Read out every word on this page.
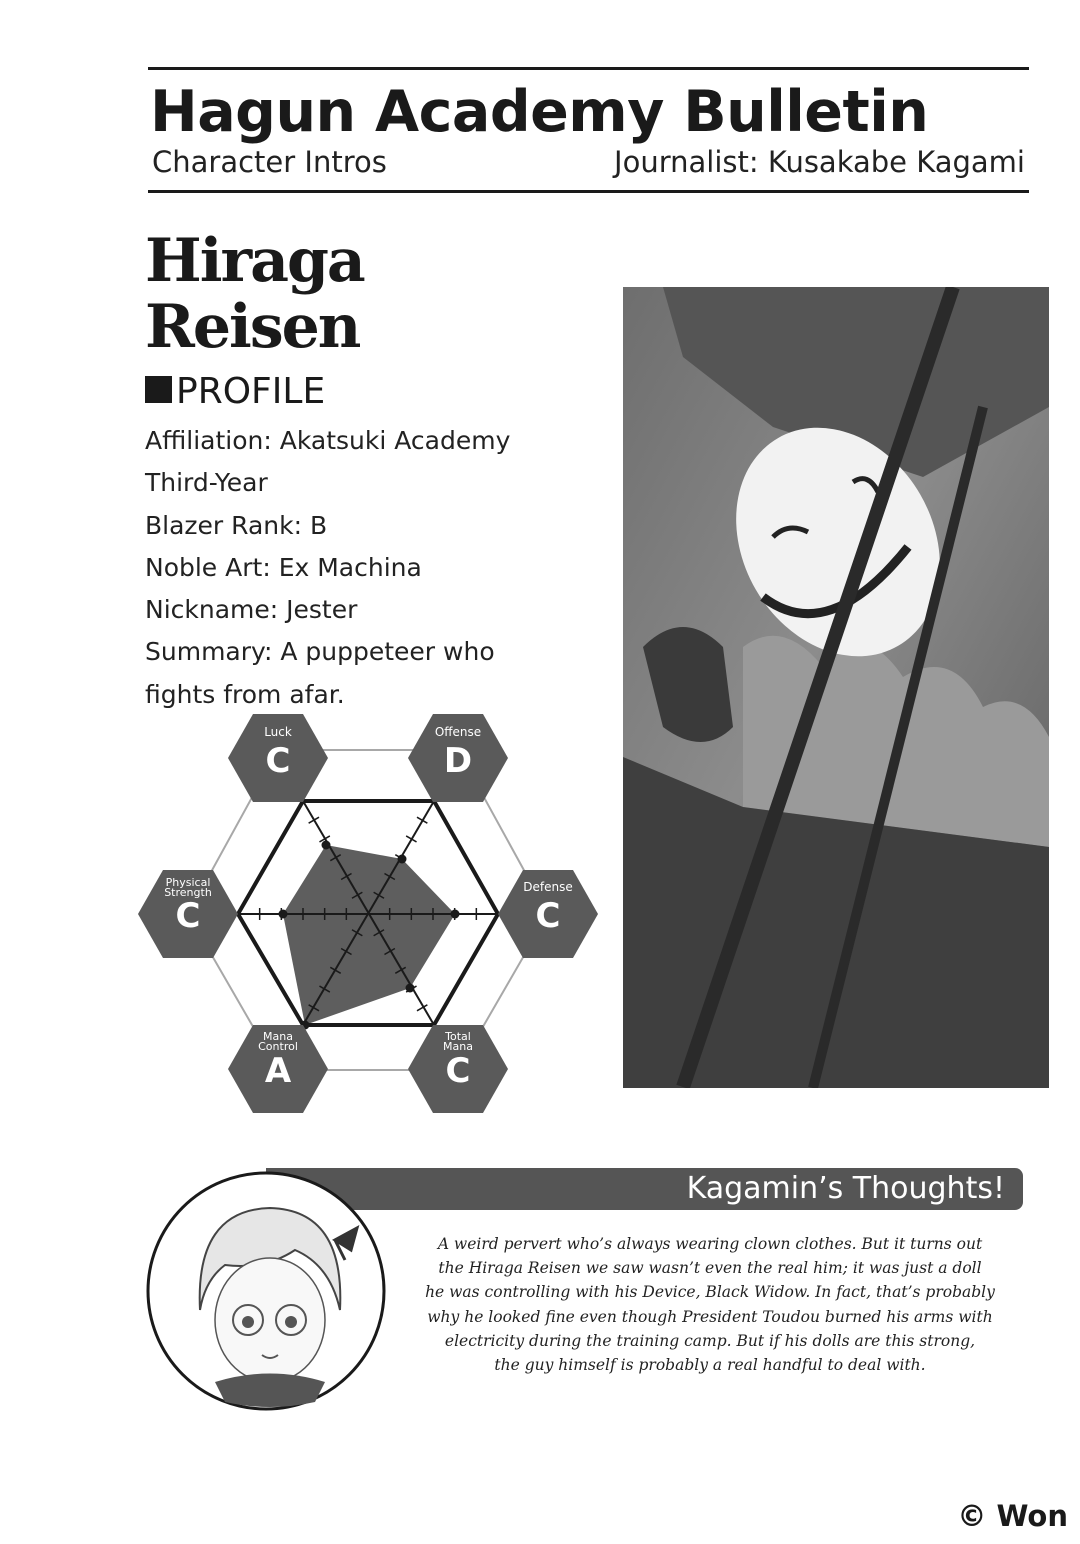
Hagun Academy Bulletin
Character Intros	Journalist: Kusakabe Kagami
Hiraga
Reisen
PROFILE
Affiliation: Akatsuki Academy
Third-Year
Blazer Rank: B
Noble Art: Ex Machina
Nickname: Jester
Summary: A puppeteer who
fights from afar.
Luck
C
Offense
D
Defense
C
Total
Mana
C
Mana
Control
A
Physical
Strength
C
Kagamin’s Thoughts!
A weird pervert who’s always wearing clown clothes. But it turns out
the Hiraga Reisen we saw wasn’t even the real him; it was just a doll
he was controlling with his Device, Black Widow. In fact, that’s probably
why he looked fine even though President Toudou burned his arms with
electricity during the training camp. But if his dolls are this strong,
the guy himself is probably a real handful to deal with.
© Won
